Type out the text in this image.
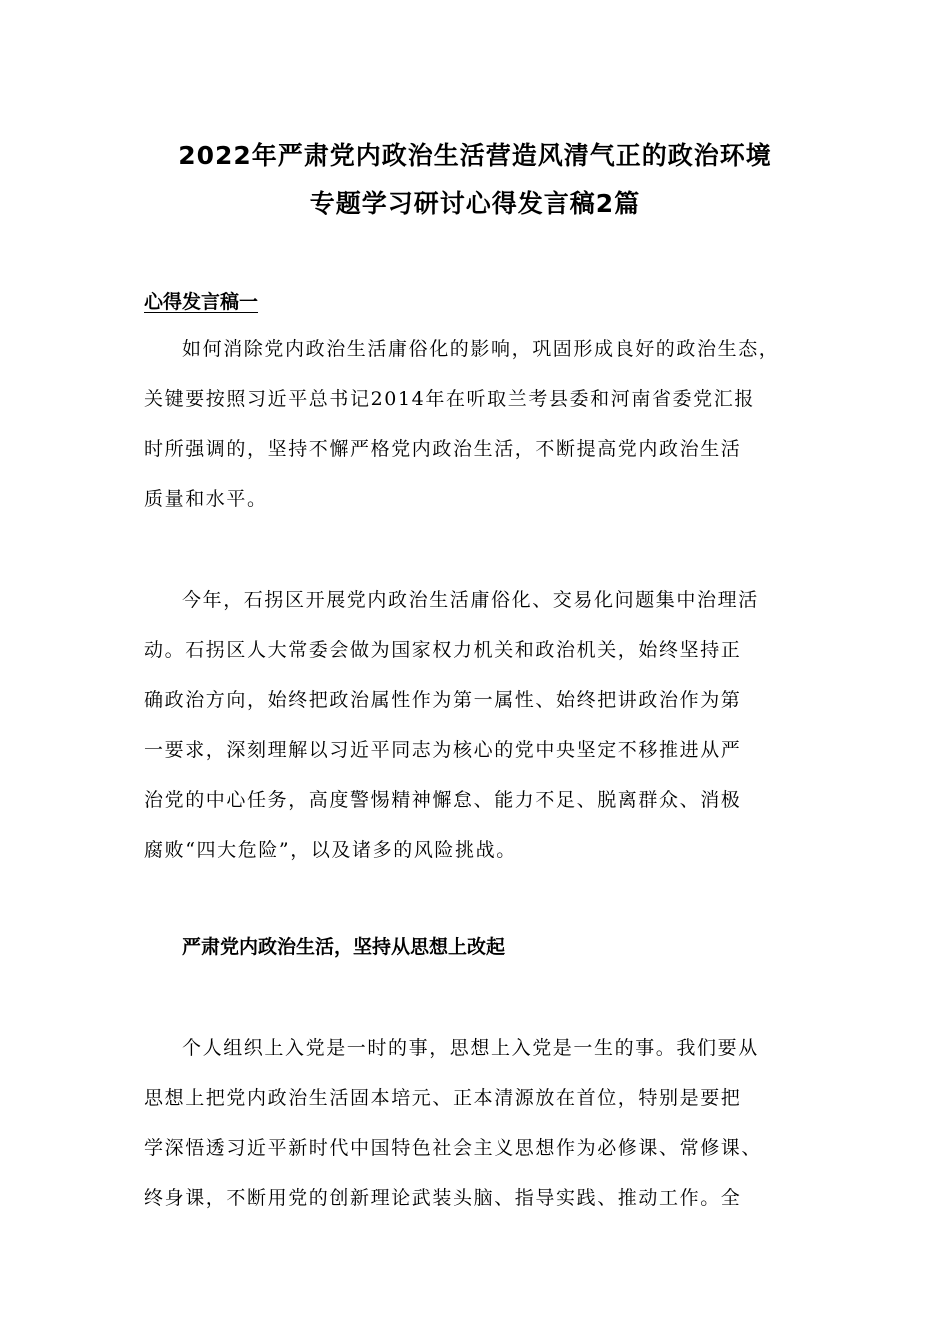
2022年严肃党内政治生活营造风清气正的政治环境
专题学习研讨心得发言稿2篇
心得发言稿一
如何消除党内政治生活庸俗化的影响，巩固形成良好的政治生态，
关键要按照习近平总书记2014年在听取兰考县委和河南省委党汇报
时所强调的，坚持不懈严格党内政治生活，不断提高党内政治生活
质量和水平。
今年，石拐区开展党内政治生活庸俗化、交易化问题集中治理活
动。石拐区人大常委会做为国家权力机关和政治机关，始终坚持正
确政治方向，始终把政治属性作为第一属性、始终把讲政治作为第
一要求，深刻理解以习近平同志为核心的党中央坚定不移推进从严
治党的中心任务，高度警惕精神懈怠、能力不足、脱离群众、消极
腐败“四大危险”，以及诸多的风险挑战。
严肃党内政治生活，坚持从思想上改起
个人组织上入党是一时的事，思想上入党是一生的事。我们要从
思想上把党内政治生活固本培元、正本清源放在首位，特别是要把
学深悟透习近平新时代中国特色社会主义思想作为必修课、常修课、
终身课，不断用党的创新理论武装头脑、指导实践、推动工作。全
